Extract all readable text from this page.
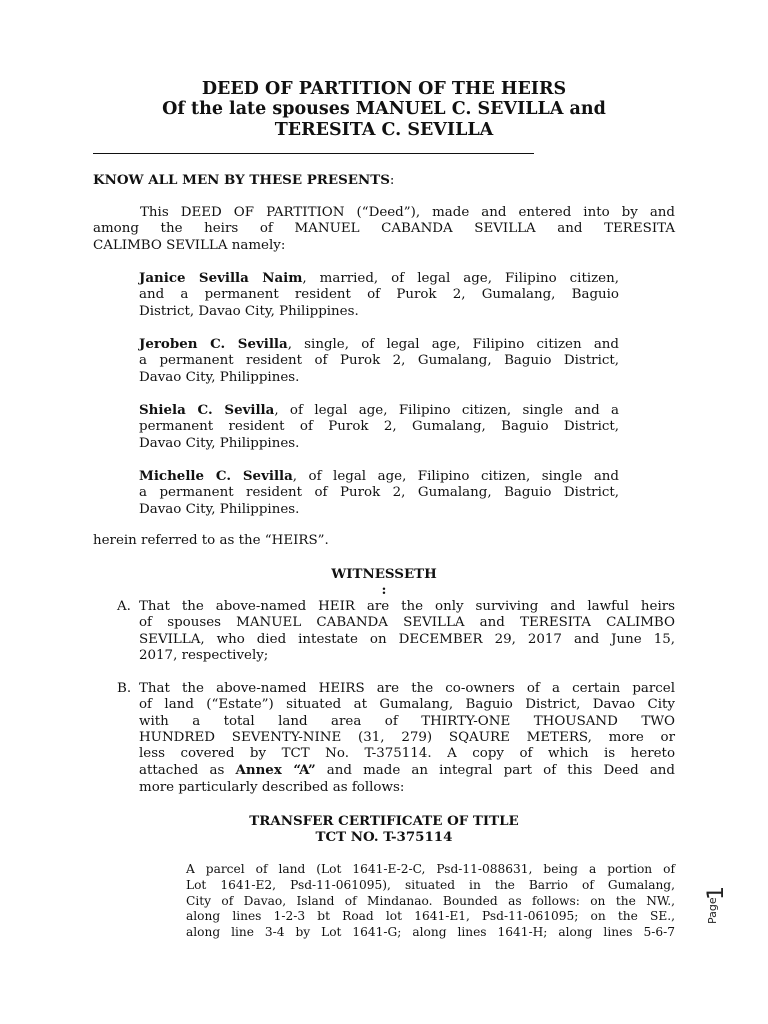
DEED OF PARTITION OF THE HEIRS
Of the late spouses MANUEL C. SEVILLA and
TERESITA C. SEVILLA
KNOW ALL MEN BY THESE PRESENTS:
This DEED OF PARTITION (“Deed”), made and entered into by and
among the heirs of MANUEL CABANDA SEVILLA and TERESITA
CALIMBO SEVILLA namely:
Janice Sevilla Naim, married, of legal age, Filipino citizen,
and a permanent resident of Purok 2, Gumalang, Baguio
District, Davao City, Philippines.
Jeroben C. Sevilla, single, of legal age, Filipino citizen and
a permanent resident of Purok 2, Gumalang, Baguio District,
Davao City, Philippines.
Shiela C. Sevilla, of legal age, Filipino citizen, single and a
permanent resident of Purok 2, Gumalang, Baguio District,
Davao City, Philippines.
Michelle C. Sevilla, of legal age, Filipino citizen, single and
a permanent resident of Purok 2, Gumalang, Baguio District,
Davao City, Philippines.
herein referred to as the “HEIRS”.
WITNESSETH
:
A. That the above-named HEIR are the only surviving and lawful heirs
of spouses MANUEL CABANDA SEVILLA and TERESITA CALIMBO
SEVILLA, who died intestate on DECEMBER 29, 2017 and June 15,
2017, respectively;
B. That the above-named HEIRS are the co-owners of a certain parcel
of land (“Estate”) situated at Gumalang, Baguio District, Davao City
with a total land area of THIRTY-ONE THOUSAND TWO
HUNDRED SEVENTY-NINE (31, 279) SQAURE METERS, more or
less covered by TCT No. T-375114. A copy of which is hereto
attached as Annex “A” and made an integral part of this Deed and
more particularly described as follows:
TRANSFER CERTIFICATE OF TITLE
TCT NO. T-375114
A parcel of land (Lot 1641-E-2-C, Psd-11-088631, being a portion of
Lot 1641-E2, Psd-11-061095), situated in the Barrio of Gumalang,
City of Davao, Island of Mindanao. Bounded as follows: on the NW.,
along lines 1-2-3 bt Road lot 1641-E1, Psd-11-061095; on the SE.,
along line 3-4 by Lot 1641-G; along lines 1641-H; along lines 5-6-7
Page
1
